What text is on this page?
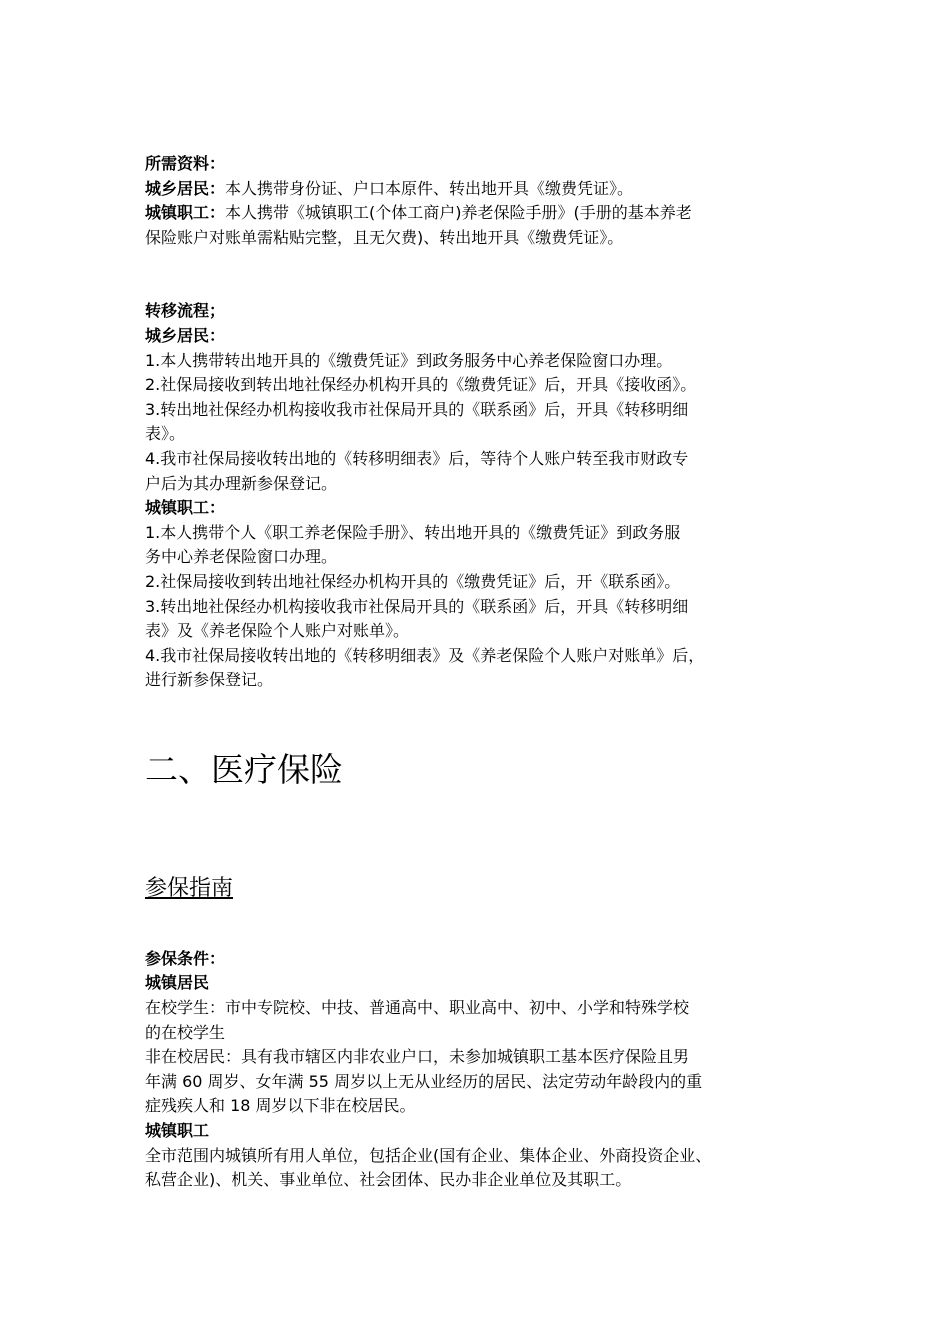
所需资料：

城乡居民：本人携带身份证、户口本原件、转出地开具《缴费凭证》。

城镇职工：本人携带《城镇职工(个体工商户)养老保险手册》(手册的基本养老

保险账户对账单需粘贴完整，且无欠费)、转出地开具《缴费凭证》。

转移流程；

城乡居民：

1.本人携带转出地开具的《缴费凭证》到政务服务中心养老保险窗口办理。

2.社保局接收到转出地社保经办机构开具的《缴费凭证》后，开具《接收函》。

3.转出地社保经办机构接收我市社保局开具的《联系函》后，开具《转移明细

表》。

4.我市社保局接收转出地的《转移明细表》后，等待个人账户转至我市财政专

户后为其办理新参保登记。

城镇职工：

1.本人携带个人《职工养老保险手册》、转出地开具的《缴费凭证》到政务服

务中心养老保险窗口办理。

2.社保局接收到转出地社保经办机构开具的《缴费凭证》后，开《联系函》。

3.转出地社保经办机构接收我市社保局开具的《联系函》后，开具《转移明细

表》及《养老保险个人账户对账单》。

4.我市社保局接收转出地的《转移明细表》及《养老保险个人账户对账单》后，

进行新参保登记。

二、医疗保险
参保指南

参保条件：

城镇居民

在校学生：市中专院校、中技、普通高中、职业高中、初中、小学和特殊学校

的在校学生

非在校居民：具有我市辖区内非农业户口，未参加城镇职工基本医疗保险且男

年满 60 周岁、女年满 55 周岁以上无从业经历的居民、法定劳动年龄段内的重

症残疾人和 18 周岁以下非在校居民。

城镇职工

全市范围内城镇所有用人单位，包括企业(国有企业、集体企业、外商投资企业、

私营企业)、机关、事业单位、社会团体、民办非企业单位及其职工。
